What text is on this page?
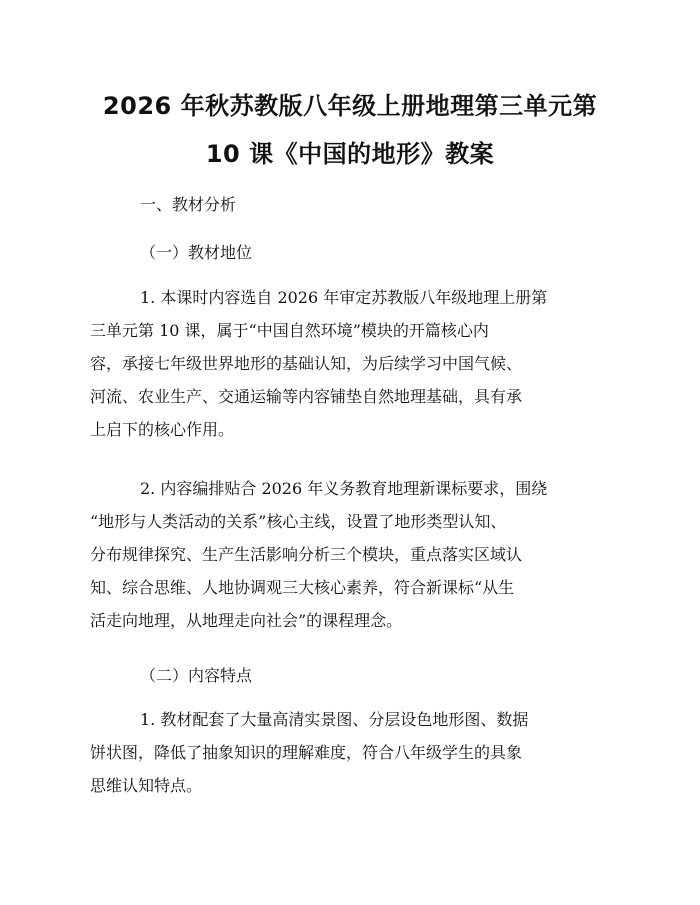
2026 年秋苏教版八年级上册地理第三单元第
10 课《中国的地形》教案
一、教材分析
（一）教材地位
1. 本课时内容选自 2026 年审定苏教版八年级地理上册第
三单元第 10 课，属于“中国自然环境”模块的开篇核心内
容，承接七年级世界地形的基础认知，为后续学习中国气候、
河流、农业生产、交通运输等内容铺垫自然地理基础，具有承
上启下的核心作用。
2. 内容编排贴合 2026 年义务教育地理新课标要求，围绕
“地形与人类活动的关系”核心主线，设置了地形类型认知、
分布规律探究、生产生活影响分析三个模块，重点落实区域认
知、综合思维、人地协调观三大核心素养，符合新课标“从生
活走向地理，从地理走向社会”的课程理念。
（二）内容特点
1. 教材配套了大量高清实景图、分层设色地形图、数据
饼状图，降低了抽象知识的理解难度，符合八年级学生的具象
思维认知特点。
